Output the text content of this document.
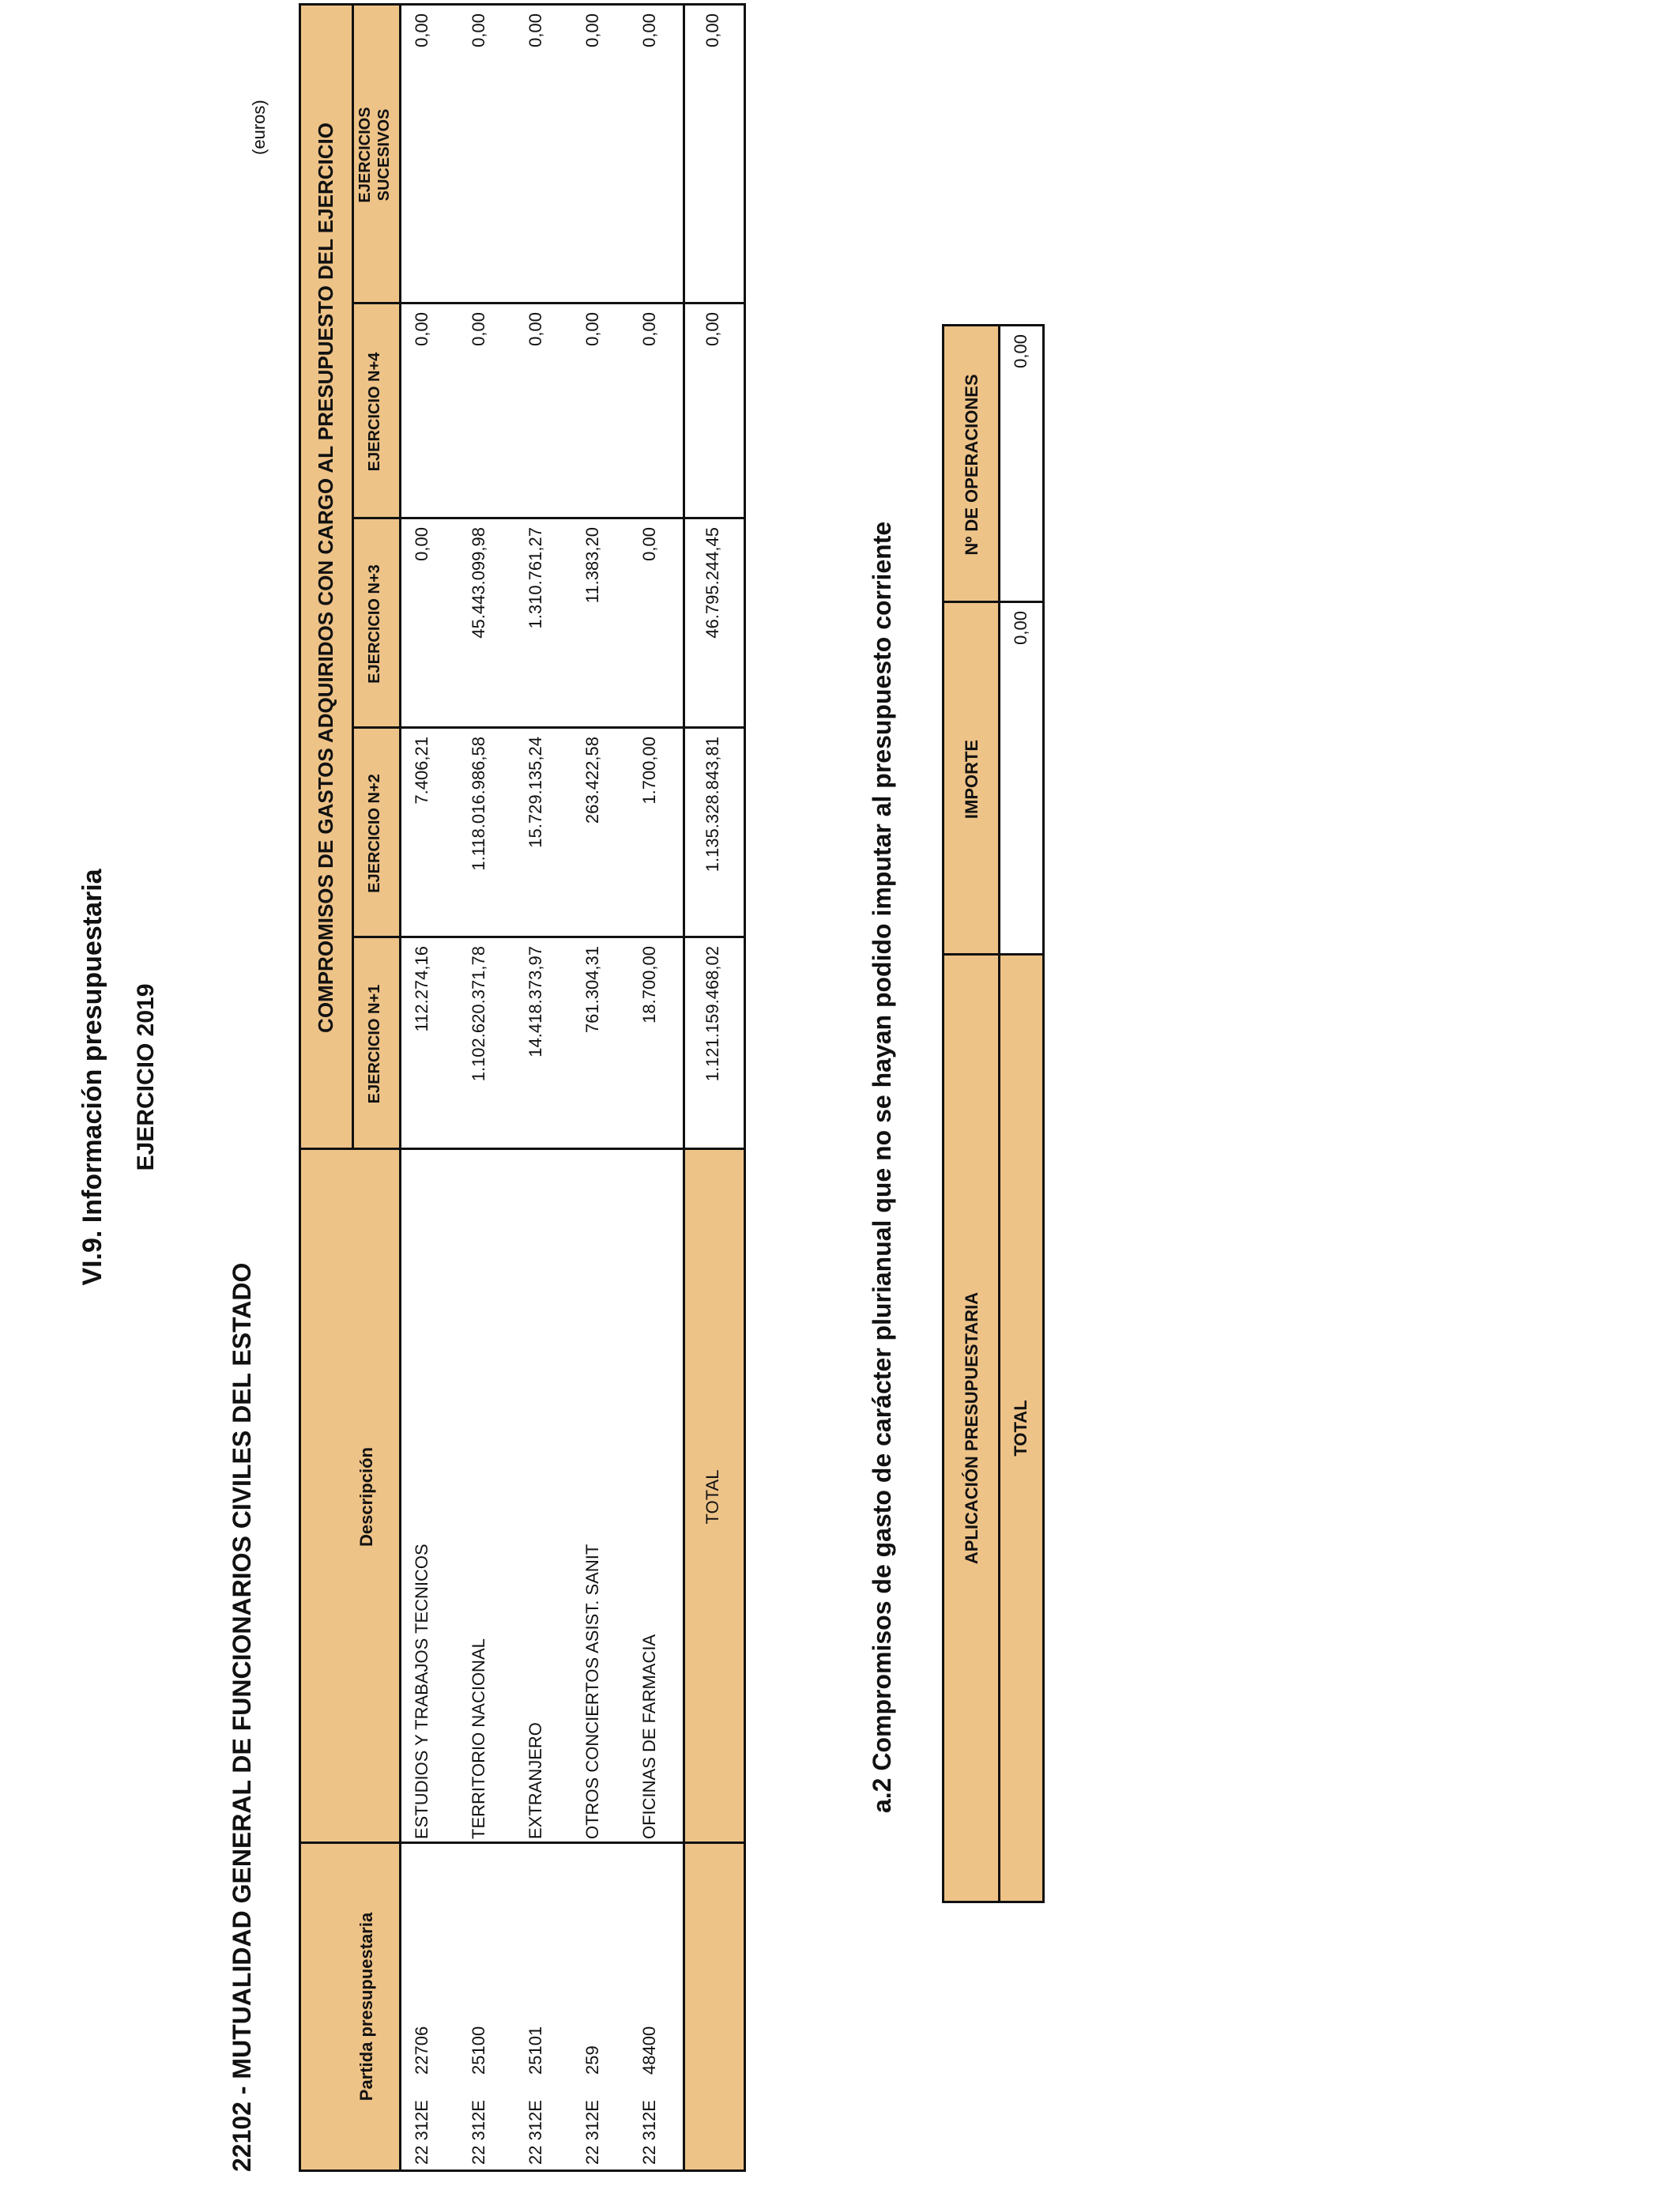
VI.9. Información presupuestaria EJERCICIO 2019
22102 - MUTUALIDAD GENERAL DE FUNCIONARIOS CIVILES DEL ESTADO
(euros)
Partida presupuestaria
Descripción
COMPROMISOS DE GASTOS ADQUIRIDOS CON CARGO AL PRESUPUESTO DEL EJERCICIO
EJERCICIO N+1
EJERCICIO N+2
EJERCICIO N+3
EJERCICIO N+4
EJERCICIOS SUCESIVOS
22 312E
22706
ESTUDIOS Y TRABAJOS TECNICOS
112.274,16
7.406,21
0,00
0,00
0,00
22 312E
25100
TERRITORIO NACIONAL
1.102.620.371,78
1.118.016.986,58
45.443.099,98
0,00
0,00
22 312E
25101
EXTRANJERO
14.418.373,97
15.729.135,24
1.310.761,27
0,00
0,00
22 312E
259
OTROS CONCIERTOS ASIST. SANIT
761.304,31
263.422,58
11.383,20
0,00
0,00
22 312E
48400
OFICINAS DE FARMACIA
18.700,00
1.700,00
0,00
0,00
0,00
TOTAL
1.121.159.468,02
1.135.328.843,81
46.795.244,45
0,00
0,00
a.2 Compromisos de gasto de carácter plurianual que no se hayan podido imputar al presupuesto corriente	APLICACIÓN PRESUPUESTARIA
IMPORTE
Nº DE OPERACIONES
TOTAL
0,00
0,00
